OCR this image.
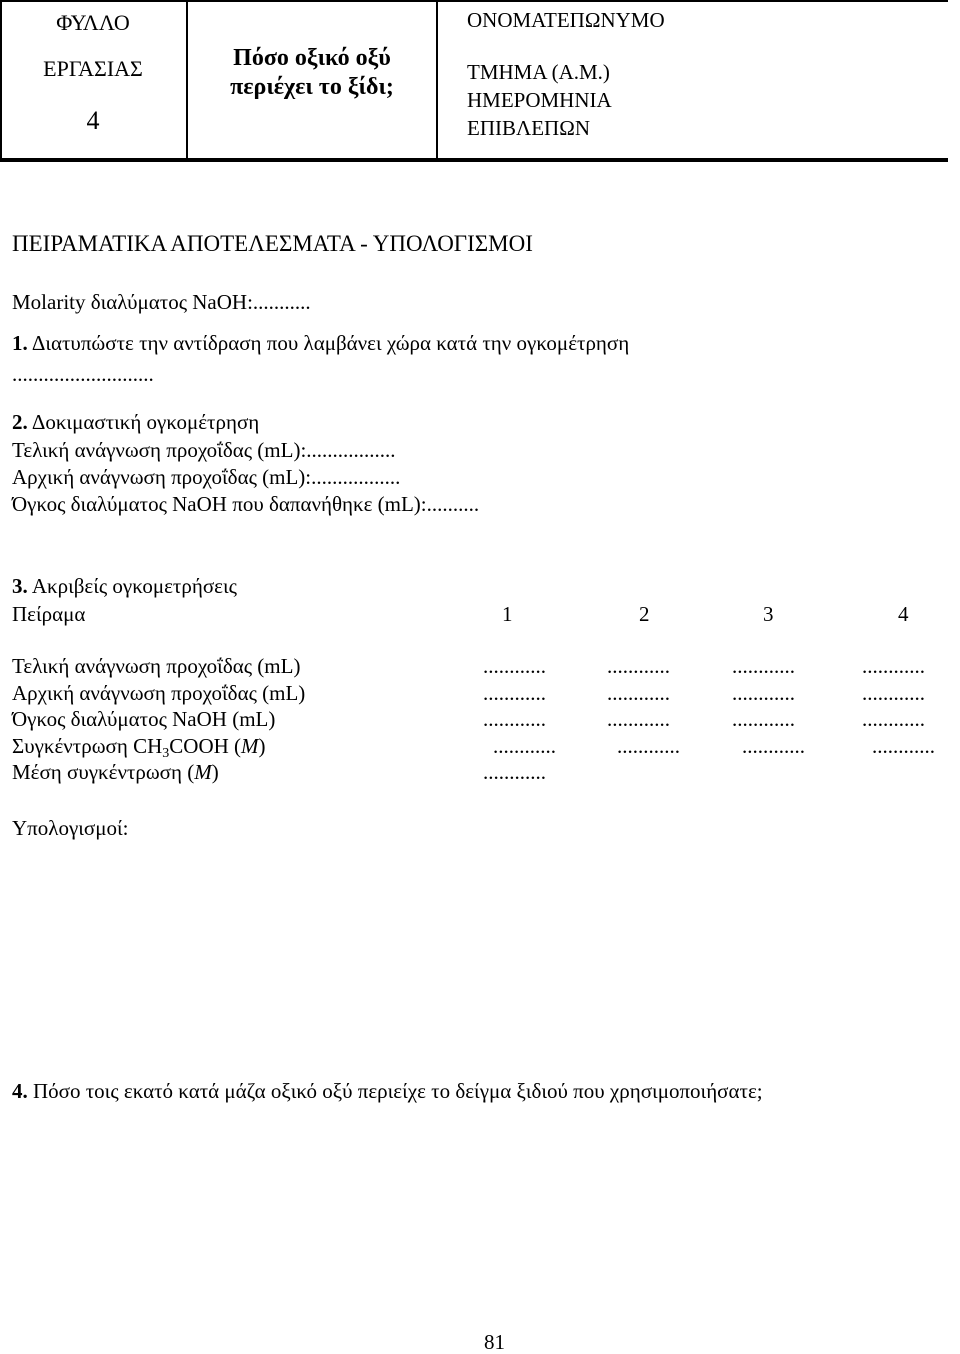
ΦΥΛΛΟ
ΕΡΓΑΣΙΑΣ
4
Πόσο οξικό οξύ
περιέχει το ξίδι;
ΟΝΟΜΑΤΕΠΩΝΥΜΟ
ΤΜΗΜΑ (Α.Μ.)
ΗΜΕΡΟΜΗΝΙΑ
ΕΠΙΒΛΕΠΩΝ
ΠΕΙΡΑΜΑΤΙΚΑ ΑΠΟΤΕΛΕΣΜΑΤΑ - ΥΠΟΛΟΓΙΣΜΟΙ
Molarity διαλύματος NaOH:...........
1. Διατυπώστε την αντίδραση που λαμβάνει χώρα κατά την ογκομέτρηση
...........................
2. Δοκιμαστική ογκομέτρηση
Τελική ανάγνωση προχοΐδας (mL):.................
Αρχική ανάγνωση προχοΐδας (mL):.................
Όγκος διαλύματος NaOH που δαπανήθηκε (mL):..........
3. Ακριβείς ογκομετρήσεις
Πείραμα	1	2	3	4
Τελική ανάγνωση προχοΐδας (mL)	............	............	............	............
Αρχική ανάγνωση προχοΐδας (mL)	............	............	............	............
Όγκος διαλύματος NaOH (mL)	............	............	............	............
Συγκέντρωση $CH_3COOH$ (M)	............	............	............	............
Μέση συγκέντρωση (M)	............
Υπολογισμοί:
4. Πόσο τοις εκατό κατά μάζα οξικό οξύ περιείχε το δείγμα ξιδιού που χρησιμοποιήσατε;
81
